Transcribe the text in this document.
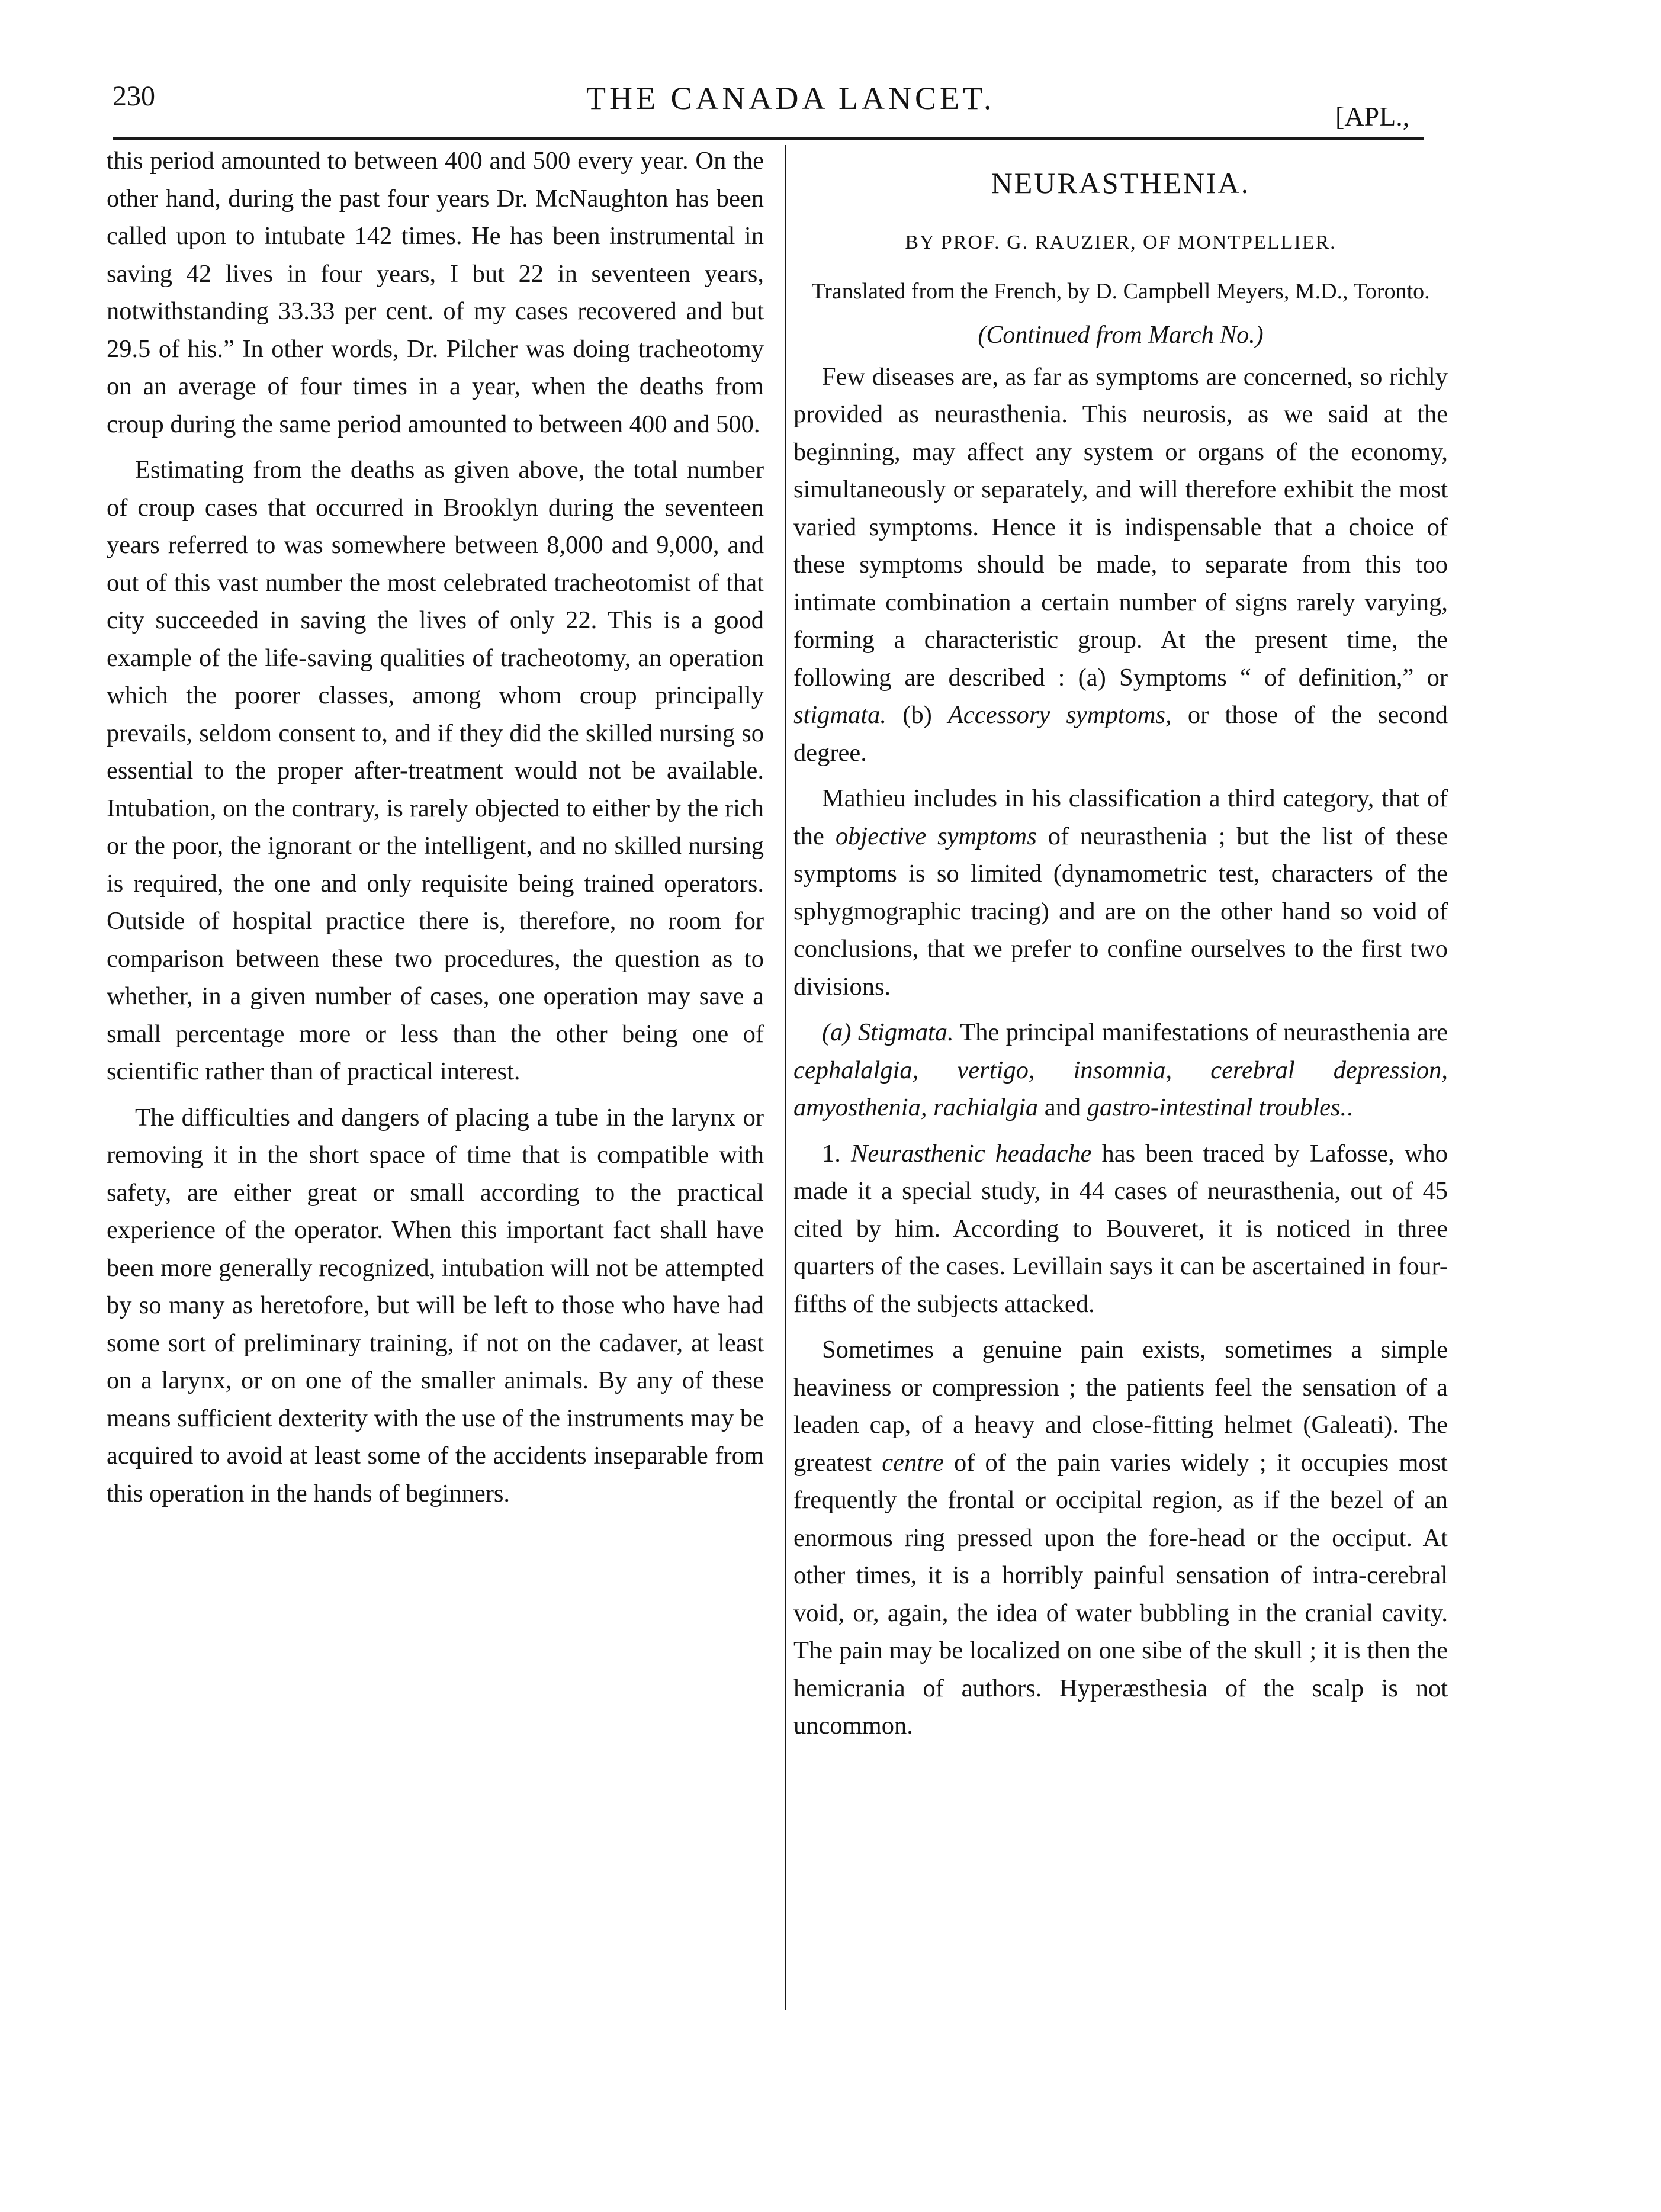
230	THE CANADA LANCET.
[APL.,

this period amounted to between 400 and 500 every year. On the other hand, during the past four years Dr. McNaughton has been called upon to intubate 142 times. He has been instrumental in saving 42 lives in four years, I but 22 in seventeen years, notwithstanding 33.33 per cent. of my cases recovered and but 29.5 of his.” In other words, Dr. Pilcher was doing tracheotomy on an average of four times in a year, when the deaths from croup during the same period amounted to between 400 and 500.

Estimating from the deaths as given above, the total number of croup cases that occurred in Brooklyn during the seventeen years referred to was somewhere between 8,000 and 9,000, and out of this vast number the most celebrated tracheotomist of that city succeeded in saving the lives of only 22. This is a good example of the life-saving qualities of tracheotomy, an operation which the poorer classes, among whom croup principally prevails, seldom consent to, and if they did the skilled nursing so essential to the proper after-treatment would not be available. Intubation, on the contrary, is rarely objected to either by the rich or the poor, the ignorant or the intelligent, and no skilled nursing is required, the one and only requisite being trained operators. Outside of hospital practice there is, therefore, no room for comparison between these two procedures, the question as to whether, in a given number of cases, one operation may save a small percentage more or less than the other being one of scientific rather than of practical interest.

The difficulties and dangers of placing a tube in the larynx or removing it in the short space of time that is compatible with safety, are either great or small according to the practical experience of the operator. When this important fact shall have been more generally recognized, intubation will not be attempted by so many as heretofore, but will be left to those who have had some sort of preliminary training, if not on the cadaver, at least on a larynx, or on one of the smaller animals. By any of these means sufficient dexterity with the use of the instruments may be acquired to avoid at least some of the accidents inseparable from this operation in the hands of beginners.

NEURASTHENIA.
BY PROF. G. RAUZIER, OF MONTPELLIER.
Translated from the French, by D. Campbell Meyers, M.D., Toronto.
(Continued from March No.)

Few diseases are, as far as symptoms are concerned, so richly provided as neurasthenia. This neurosis, as we said at the beginning, may affect any system or organs of the economy, simultaneously or separately, and will therefore exhibit the most varied symptoms. Hence it is indispensable that a choice of these symptoms should be made, to separate from this too intimate combination a certain number of signs rarely varying, forming a characteristic group. At the present time, the following are described : (a) Symptoms “ of definition,” or stigmata. (b) Accessory symptoms, or those of the second degree.

Mathieu includes in his classification a third category, that of the objective symptoms of neurasthenia ; but the list of these symptoms is so limited (dynamometric test, characters of the sphygmographic tracing) and are on the other hand so void of conclusions, that we prefer to confine ourselves to the first two divisions.

(a) Stigmata. The principal manifestations of neurasthenia are cephalalgia, vertigo, insomnia, cerebral depression, amyosthenia, rachialgia and gastro-intestinal troubles..

1. Neurasthenic headache has been traced by Lafosse, who made it a special study, in 44 cases of neurasthenia, out of 45 cited by him. According to Bouveret, it is noticed in three quarters of the cases. Levillain says it can be ascertained in four-fifths of the subjects attacked.

Sometimes a genuine pain exists, sometimes a simple heaviness or compression ; the patients feel the sensation of a leaden cap, of a heavy and close-fitting helmet (Galeati). The greatest centre of of the pain varies widely ; it occupies most frequently the frontal or occipital region, as if the bezel of an enormous ring pressed upon the fore-head or the occiput. At other times, it is a horribly painful sensation of intra-cerebral void, or, again, the idea of water bubbling in the cranial cavity. The pain may be localized on one sibe of the skull ; it is then the hemicrania of authors. Hyperæsthesia of the scalp is not uncommon.
